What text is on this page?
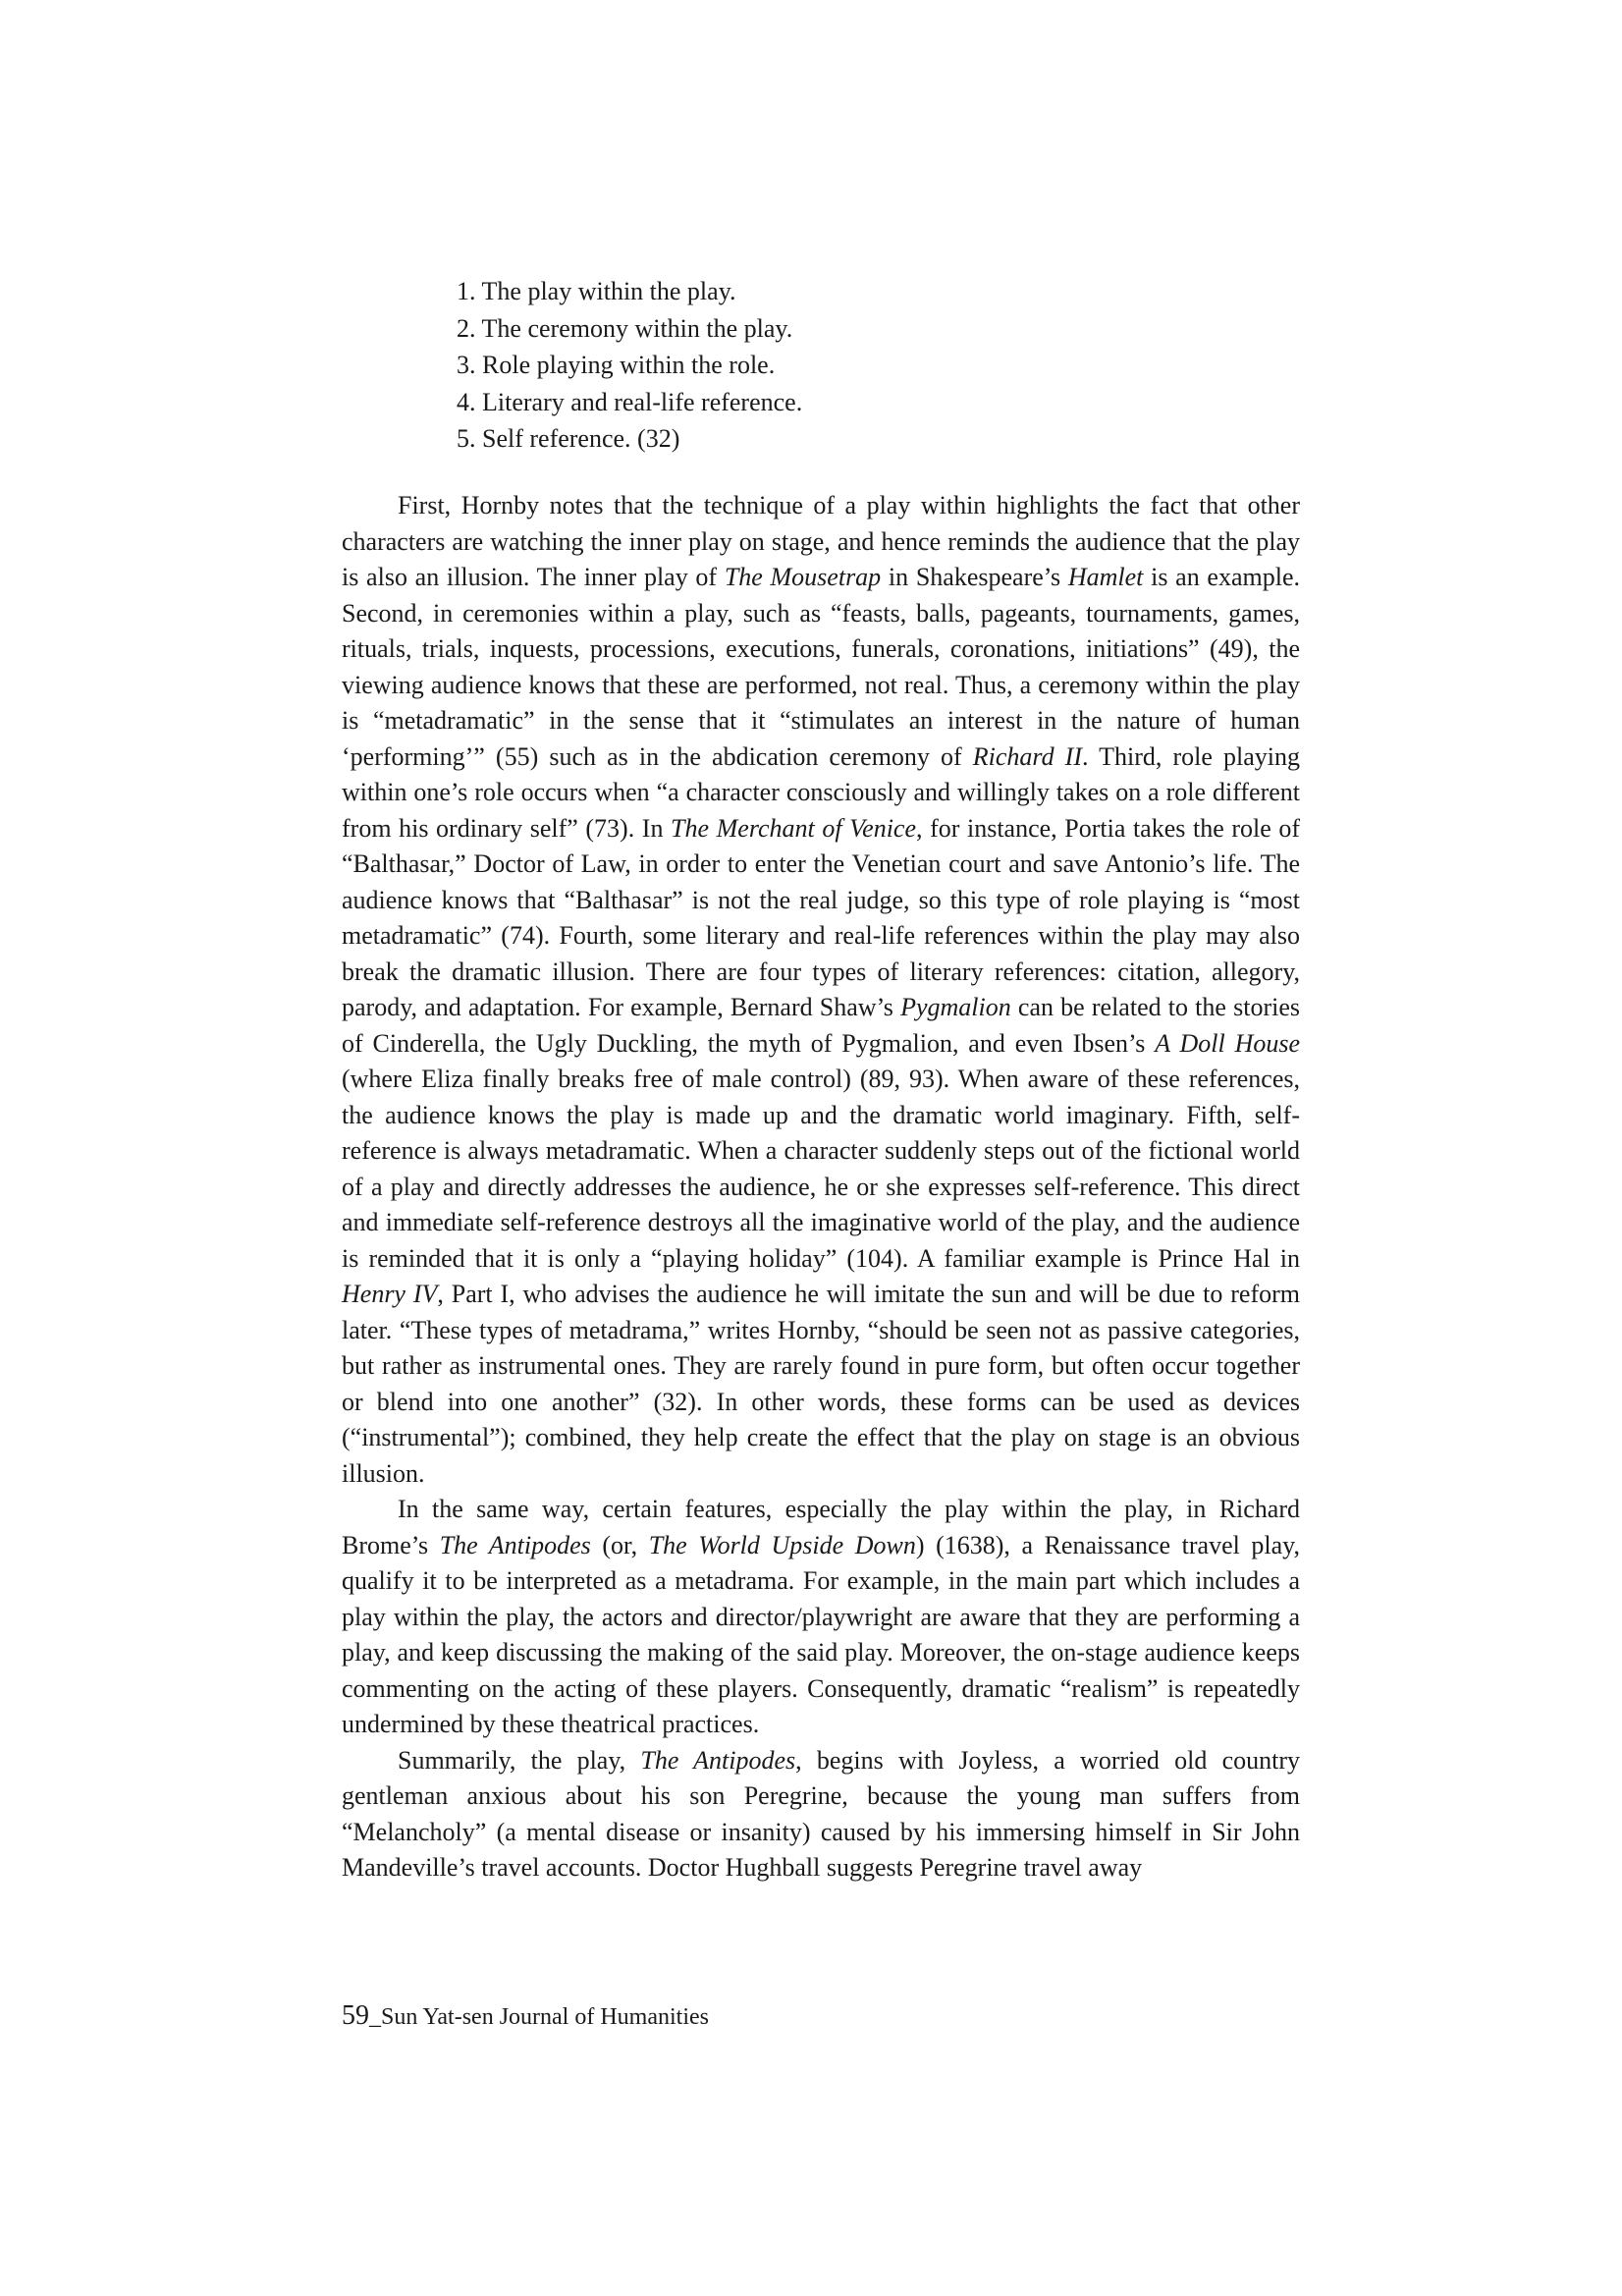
1. The play within the play.
2. The ceremony within the play.
3. Role playing within the role.
4. Literary and real-life reference.
5. Self reference. (32)

First, Hornby notes that the technique of a play within highlights the fact that other characters are watching the inner play on stage, and hence reminds the audience that the play is also an illusion. The inner play of The Mousetrap in Shakespeare’s Hamlet is an example. Second, in ceremonies within a play, such as “feasts, balls, pageants, tournaments, games, rituals, trials, inquests, processions, executions, funerals, coronations, initiations” (49), the viewing audience knows that these are performed, not real. Thus, a ceremony within the play is “metadramatic” in the sense that it “stimulates an interest in the nature of human ‘performing’” (55) such as in the abdication ceremony of Richard II. Third, role playing within one’s role occurs when “a character consciously and willingly takes on a role different from his ordinary self” (73). In The Merchant of Venice, for instance, Portia takes the role of “Balthasar,” Doctor of Law, in order to enter the Venetian court and save Antonio’s life. The audience knows that “Balthasar” is not the real judge, so this type of role playing is “most metadramatic” (74). Fourth, some literary and real-life references within the play may also break the dramatic illusion. There are four types of literary references: citation, allegory, parody, and adaptation. For example, Bernard Shaw’s Pygmalion can be related to the stories of Cinderella, the Ugly Duckling, the myth of Pygmalion, and even Ibsen’s A Doll House (where Eliza finally breaks free of male control) (89, 93). When aware of these references, the audience knows the play is made up and the dramatic world imaginary. Fifth, self-reference is always metadramatic. When a character suddenly steps out of the fictional world of a play and directly addresses the audience, he or she expresses self-reference. This direct and immediate self-reference destroys all the imaginative world of the play, and the audience is reminded that it is only a “playing holiday” (104). A familiar example is Prince Hal in Henry IV, Part I, who advises the audience he will imitate the sun and will be due to reform later. “These types of metadrama,” writes Hornby, “should be seen not as passive categories, but rather as instrumental ones. They are rarely found in pure form, but often occur together or blend into one another” (32). In other words, these forms can be used as devices (“instrumental”); combined, they help create the effect that the play on stage is an obvious illusion.

In the same way, certain features, especially the play within the play, in Richard Brome’s The Antipodes (or, The World Upside Down) (1638), a Renaissance travel play, qualify it to be interpreted as a metadrama. For example, in the main part which includes a play within the play, the actors and director/playwright are aware that they are performing a play, and keep discussing the making of the said play. Moreover, the on-stage audience keeps commenting on the acting of these players. Consequently, dramatic “realism” is repeatedly undermined by these theatrical practices.

Summarily, the play, The Antipodes, begins with Joyless, a worried old country gentleman anxious about his son Peregrine, because the young man suffers from “Melancholy” (a mental disease or insanity) caused by his immersing himself in Sir John Mandeville’s travel accounts. Doctor Hughball suggests Peregrine travel away

59_Sun Yat-sen Journal of Humanities
